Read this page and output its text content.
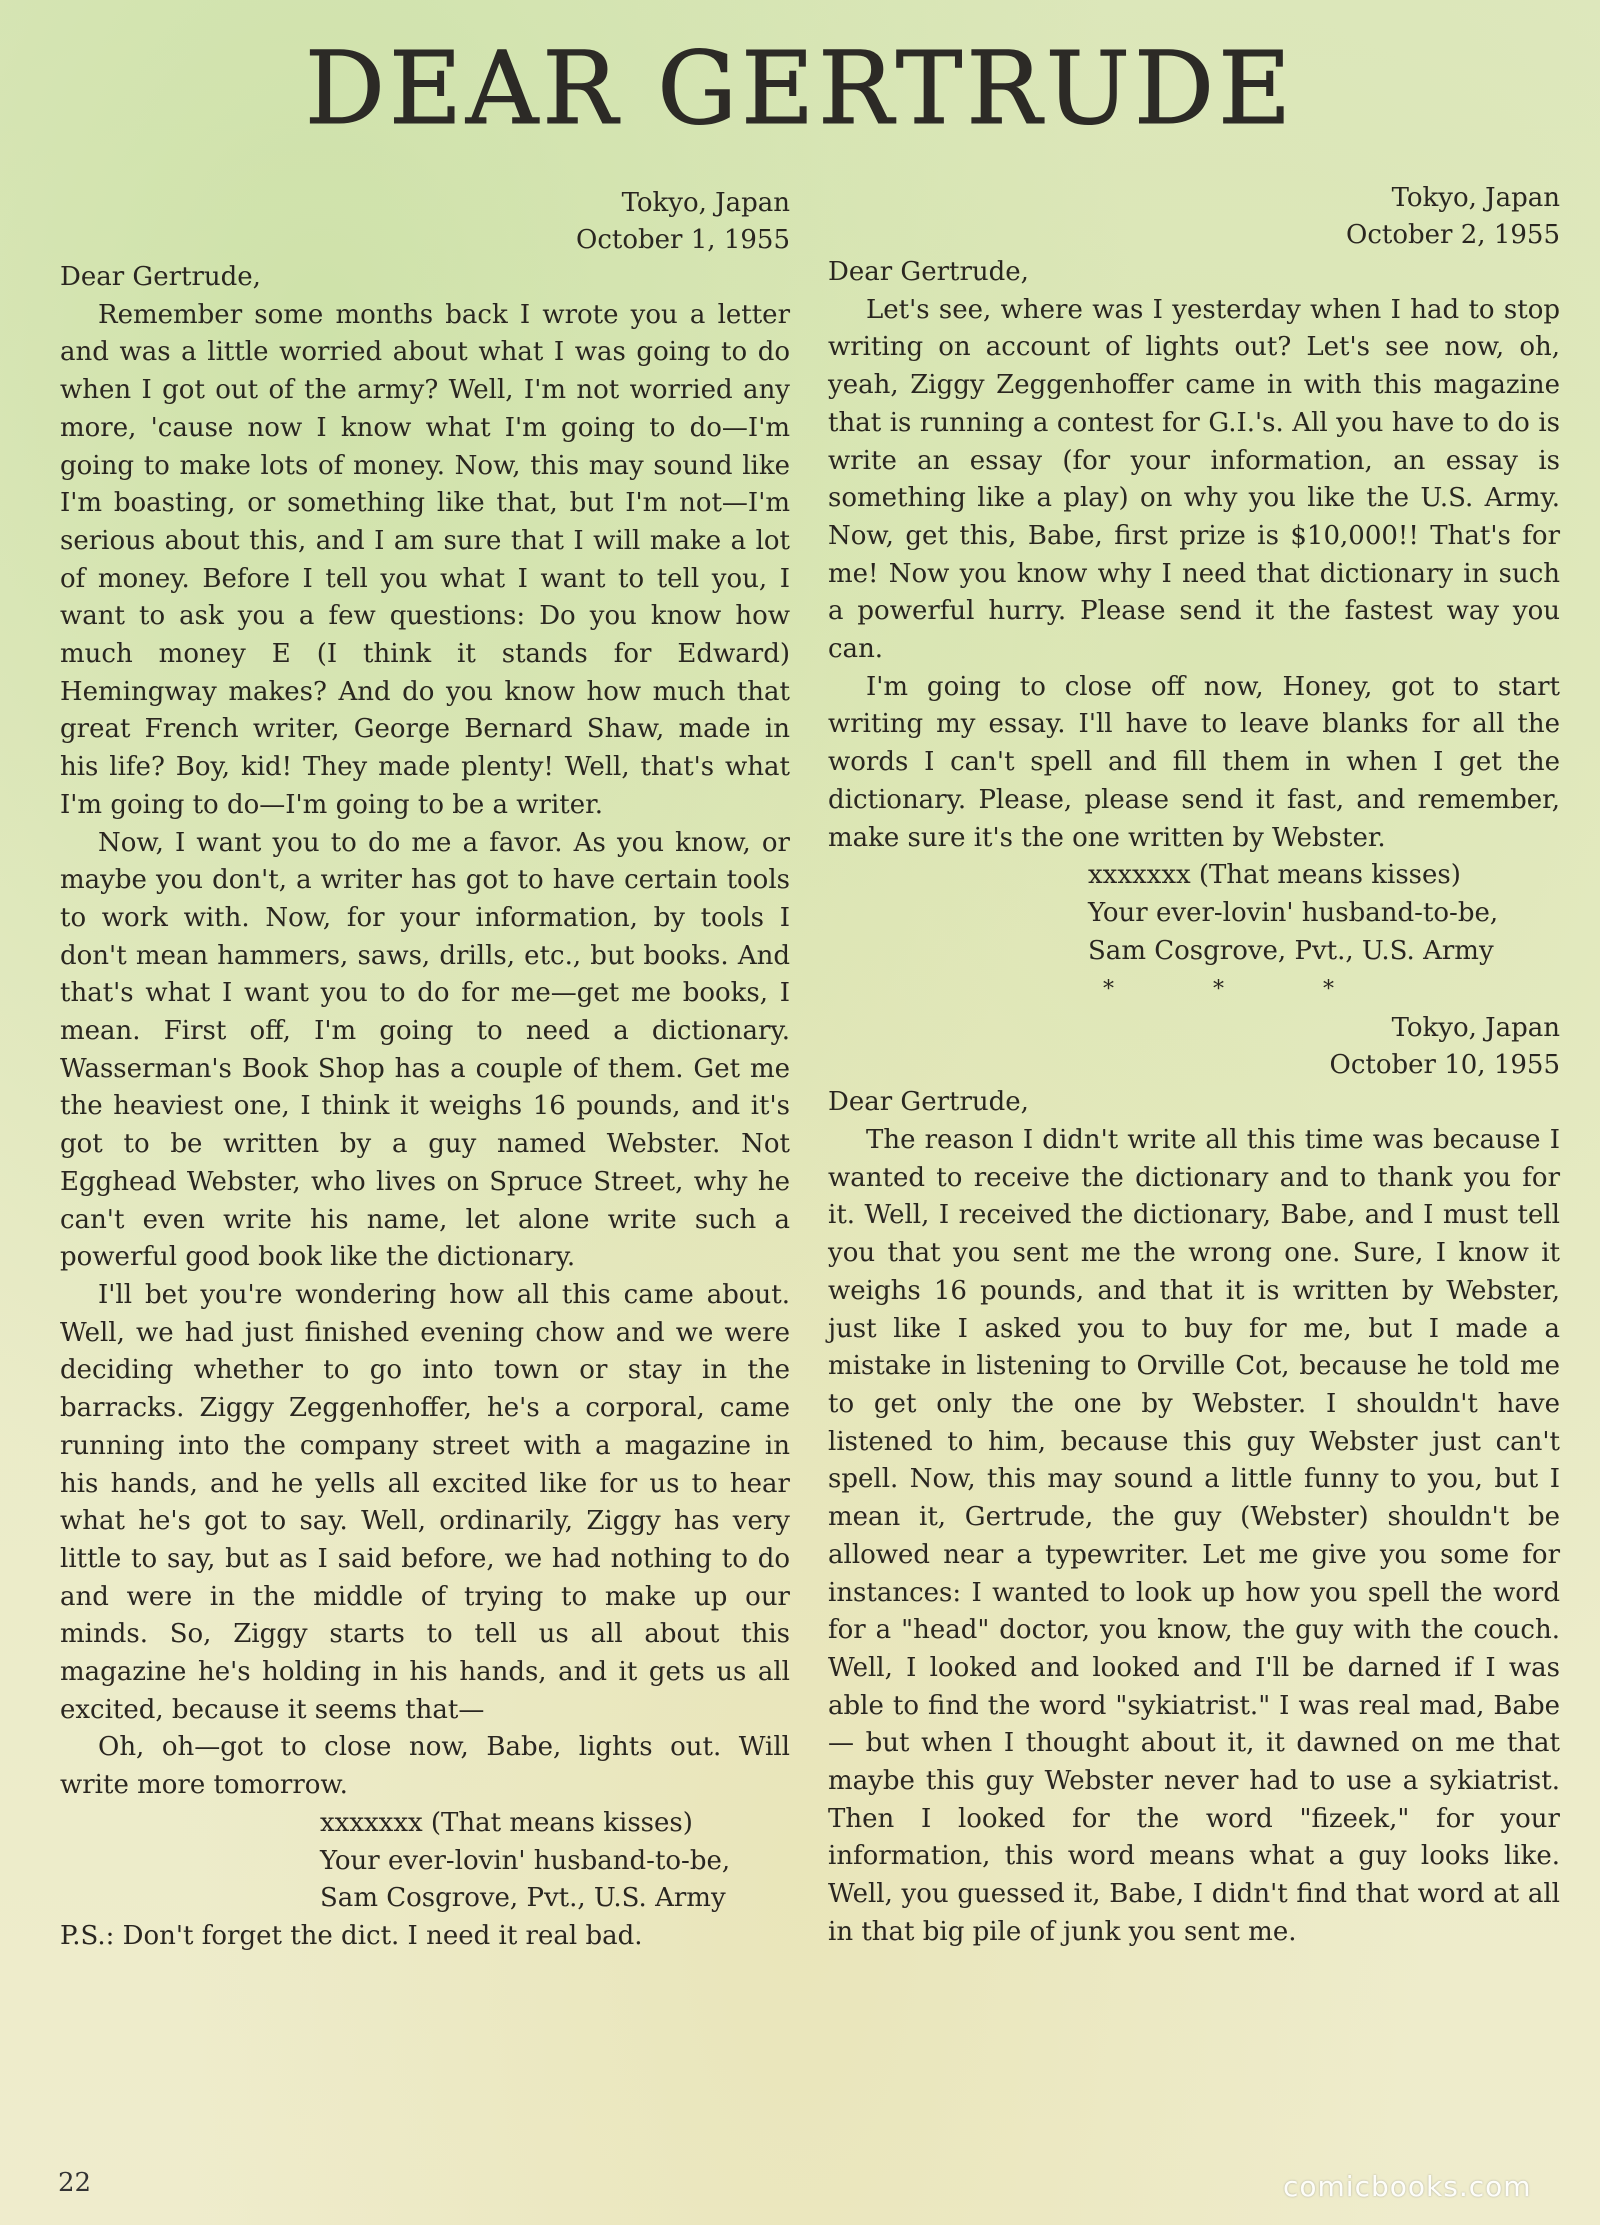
DEAR GERTRUDE
Tokyo, Japan
October 1, 1955
Dear Gertrude,

Remember some months back I wrote you a letter and was a little worried about what I was going to do when I got out of the army? Well, I'm not worried any more, 'cause now I know what I'm going to do—I'm going to make lots of money. Now, this may sound like I'm boasting, or something like that, but I'm not—I'm serious about this, and I am sure that I will make a lot of money. Before I tell you what I want to tell you, I want to ask you a few questions: Do you know how much money E (I think it stands for Edward) Hemingway makes? And do you know how much that great French writer, George Bernard Shaw, made in his life? Boy, kid! They made plenty! Well, that's what I'm going to do—I'm going to be a writer.

Now, I want you to do me a favor. As you know, or maybe you don't, a writer has got to have certain tools to work with. Now, for your information, by tools I don't mean hammers, saws, drills, etc., but books. And that's what I want you to do for me—get me books, I mean. First off, I'm going to need a dictionary. Wasserman's Book Shop has a couple of them. Get me the heaviest one, I think it weighs 16 pounds, and it's got to be written by a guy named Webster. Not Egghead Webster, who lives on Spruce Street, why he can't even write his name, let alone write such a powerful good book like the dictionary.

I'll bet you're wondering how all this came about. Well, we had just finished evening chow and we were deciding whether to go into town or stay in the barracks. Ziggy Zeggenhoffer, he's a corporal, came running into the company street with a magazine in his hands, and he yells all excited like for us to hear what he's got to say. Well, ordinarily, Ziggy has very little to say, but as I said before, we had nothing to do and were in the middle of trying to make up our minds. So, Ziggy starts to tell us all about this magazine he's holding in his hands, and it gets us all excited, because it seems that—

Oh, oh—got to close now, Babe, lights out. Will write more tomorrow.

xxxxxxx (That means kisses)
Your ever-lovin' husband-to-be,
Sam Cosgrove, Pvt., U.S. Army
P.S.: Don't forget the dict. I need it real bad.
Tokyo, Japan
October 2, 1955
Dear Gertrude,

Let's see, where was I yesterday when I had to stop writing on account of lights out? Let's see now, oh, yeah, Ziggy Zeggenhoffer came in with this magazine that is running a contest for G.I.'s. All you have to do is write an essay (for your information, an essay is something like a play) on why you like the U.S. Army. Now, get this, Babe, first prize is $10,000!! That's for me! Now you know why I need that dictionary in such a powerful hurry. Please send it the fastest way you can.

I'm going to close off now, Honey, got to start writing my essay. I'll have to leave blanks for all the words I can't spell and fill them in when I get the dictionary. Please, please send it fast, and remember, make sure it's the one written by Webster.

xxxxxxx (That means kisses)
Your ever-lovin' husband-to-be,
Sam Cosgrove, Pvt., U.S. Army
* * *
Tokyo, Japan
October 10, 1955
Dear Gertrude,

The reason I didn't write all this time was because I wanted to receive the dictionary and to thank you for it. Well, I received the dictionary, Babe, and I must tell you that you sent me the wrong one. Sure, I know it weighs 16 pounds, and that it is written by Webster, just like I asked you to buy for me, but I made a mistake in listening to Orville Cot, because he told me to get only the one by Webster. I shouldn't have listened to him, because this guy Webster just can't spell. Now, this may sound a little funny to you, but I mean it, Gertrude, the guy (Webster) shouldn't be allowed near a typewriter. Let me give you some for instances: I wanted to look up how you spell the word for a "head" doctor, you know, the guy with the couch. Well, I looked and looked and I'll be darned if I was able to find the word "sykiatrist." I was real mad, Babe — but when I thought about it, it dawned on me that maybe this guy Webster never had to use a sykiatrist. Then I looked for the word "fizeek," for your information, this word means what a guy looks like. Well, you guessed it, Babe, I didn't find that word at all in that big pile of junk you sent me.

22	comicbooks.com
